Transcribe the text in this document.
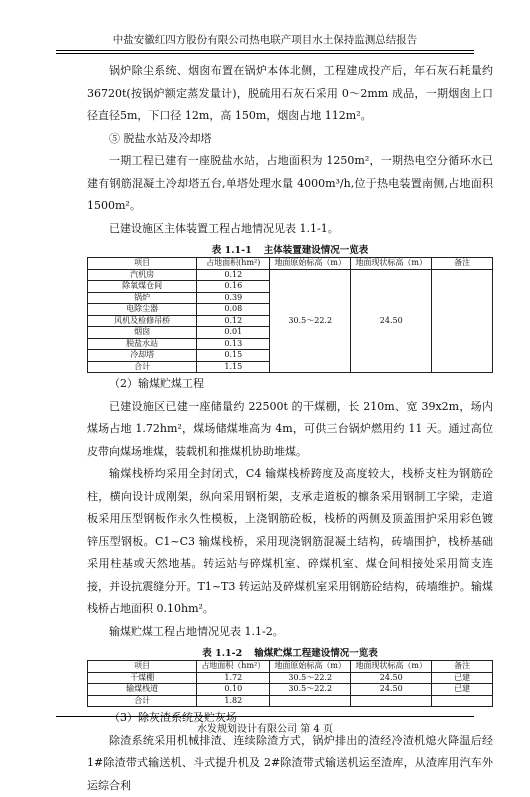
中盐安徽红四方股份有限公司热电联产项目水土保持监测总结报告

锅炉除尘系统、烟囱布置在锅炉本体北侧，工程建成投产后，年石灰石耗量约36720t(按锅炉额定蒸发量计)，脱硫用石灰石采用 0～2mm 成品，一期烟囱上口径直径5m，下口径 12m，高 150m，烟囱占地 112m²。

⑤ 脱盐水站及冷却塔

一期工程已建有一座脱盐水站，占地面积为 1250m²，一期热电空分循环水已建有钢筋混凝土冷却塔五台,单塔处理水量 4000m³/h,位于热电装置南侧,占地面积 1500m²。

已建设施区主体装置工程占地情况见表 1.1-1。

表 1.1-1 主体装置建设情况一览表
项目	占地面积(hm²)	地面原始标高（m）	地面现状标高（m）	备注
汽机房	0.12	30.5～22.2	24.50	
除氧煤仓间	0.16			
锅炉	0.39			
电除尘器	0.08			
风机及检修吊桥	0.12			
烟囱	0.01			
脱盐水站	0.13			
冷却塔	0.15			
合计	1.15			

（2）输煤贮煤工程

已建设施区已建一座储量约 22500t 的干煤棚，长 210m、宽 39x2m，场内煤场占地 1.72hm²，煤场储煤堆高为 4m，可供三台锅炉燃用约 11 天。通过高位皮带向煤场堆煤，装载机和推煤机协助堆煤。

输煤栈桥均采用全封闭式，C4 输煤栈桥跨度及高度较大，栈桥支柱为钢筋砼柱，横向设计成刚架，纵向采用钢桁架，支承走道板的檩条采用钢制工字梁，走道板采用压型钢板作永久性模板，上浇钢筋砼板，栈桥的两侧及顶盖围护采用彩色镀锌压型钢板。C1~C3 输煤栈桥，采用现浇钢筋混凝土结构，砖墙围护，栈桥基础采用柱基或天然地基。转运站与碎煤机室、碎煤机室、煤仓间相接处采用简支连接，并设抗震缝分开。T1~T3 转运站及碎煤机室采用钢筋砼结构，砖墙维护。输煤栈桥占地面积 0.10hm²。

输煤贮煤工程占地情况见表 1.1-2。

表 1.1-2 输煤贮煤工程建设情况一览表
项目	占地面积（hm²）	地面原始标高（m）	地面现状标高（m）	备注
干煤棚	1.72	30.5～22.2	24.50	已建
输煤栈道	0.10	30.5～22.2	24.50	已建
合计	1.82			

（3）除灰渣系统及贮灰场

除渣系统采用机械排渣、连续除渣方式，锅炉排出的渣经冷渣机熄火降温后经 1#除渣带式输送机、斗式提升机及 2#除渣带式输送机运至渣库，从渣库用汽车外运综合利

水发规划设计有限公司 第 4 页
